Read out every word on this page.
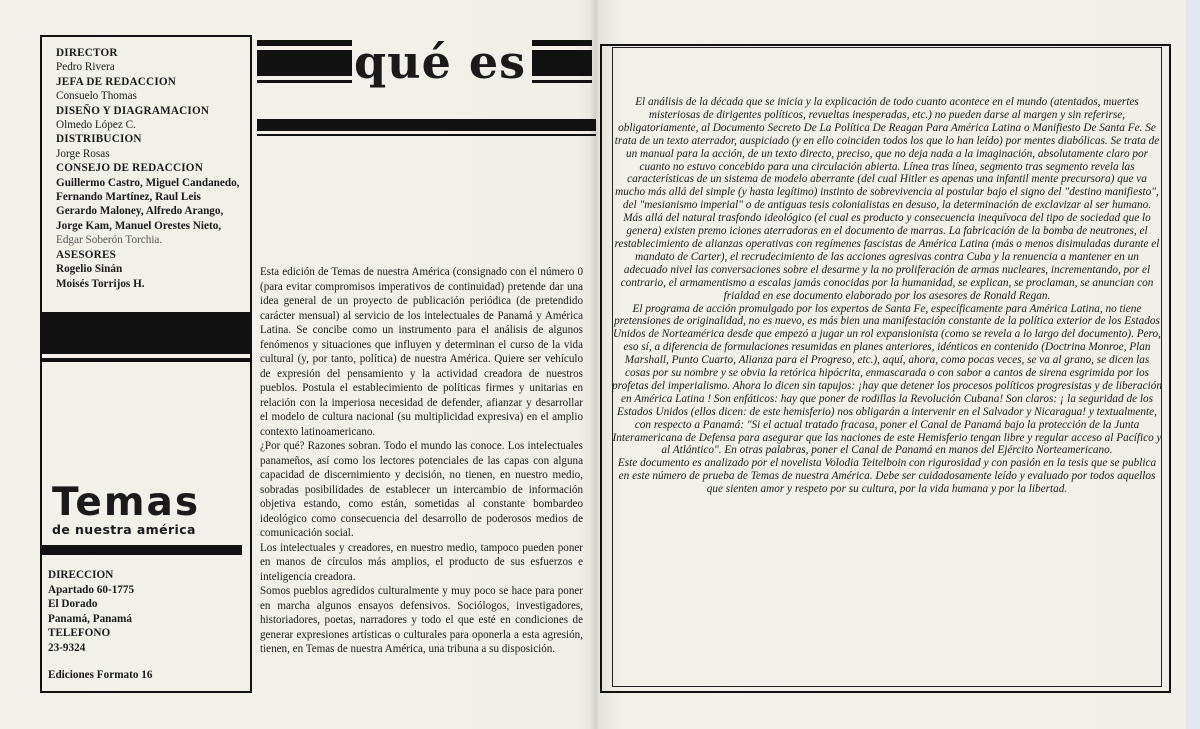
DIRECTOR
Pedro Rivera
JEFA DE REDACCION
Consuelo Thomas
DISEÑO Y DIAGRAMACION
Olmedo López C.
DISTRIBUCION
Jorge Rosas
CONSEJO DE REDACCION
Guillermo Castro, Miguel Candanedo,
Fernando Martínez, Raul Leis
Gerardo Maloney, Alfredo Arango,
Jorge Kam, Manuel Orestes Nieto,
Edgar Soberón Torchia.
ASESORES
Rogelio Sinán
Moisés Torrijos H.
Temas
de nuestra américa
DIRECCION
Apartado 60-1775
El Dorado
Panamá, Panamá
TELEFONO
23-9324
Ediciones Formato 16
qué es

Esta edición de Temas de nuestra América (consignado con el número 0 (para evitar compromisos imperativos de continuidad) pretende dar una idea general de un proyecto de publicación periódica (de pretendido carácter mensual) al servicio de los intelectuales de Panamá y América Latina. Se concibe como un instrumento para el análisis de algunos fenómenos y situaciones que influyen y determinan el curso de la vida cultural (y, por tanto, política) de nuestra América. Quiere ser vehículo de expresión del pensamiento y la actividad creadora de nuestros pueblos. Postula el establecimiento de políticas firmes y unitarias en relación con la imperiosa necesidad de defender, afianzar y desarrollar el modelo de cultura nacional (su multiplicidad expresiva) en el amplio contexto latinoamericano.

¿Por qué? Razones sobran. Todo el mundo las conoce. Los intelectuales panameños, así como los lectores potenciales de las capas con alguna capacidad de discernimiento y decisión, no tienen, en nuestro medio, sobradas posibilidades de establecer un intercambio de información objetiva estando, como están, sometidas al constante bombardeo ideológico como consecuencia del desarrollo de poderosos medios de comunicación social.

Los intelectuales y creadores, en nuestro medio, tampoco pueden poner en manos de círculos más amplios, el producto de sus esfuerzos e inteligencia creadora.

Somos pueblos agredidos culturalmente y muy poco se hace para poner en marcha algunos ensayos defensivos. Sociólogos, investigadores, historiadores, poetas, narradores y todo el que esté en condiciones de generar expresiones artísticas o culturales para oponerla a esta agresión, tienen, en Temas de nuestra América, una tribuna a su disposición.

El análisis de la década que se inicia y la explicación de todo cuanto acontece en el mundo (atentados, muertes misteriosas de dirigentes políticos, revueltas inesperadas, etc.) no pueden darse al margen y sin referirse, obligatoriamente, al Documento Secreto De La Política De Reagan Para América Latina o Manifiesto De Santa Fe. Se trata de un texto aterrador, auspiciado (y en ello coinciden todos los que lo han leído) por mentes diabólicas. Se trata de un manual para la acción, de un texto directo, preciso, que no deja nada a la imaginación, absolutamente claro por cuanto no estuvo concebido para una circulación abierta. Línea tras línea, segmento tras segmento revela las características de un sistema de modelo aberrante (del cual Hitler es apenas una infantil mente precursora) que va mucho más allá del simple (y hasta legítimo) instinto de sobrevivencia al postular bajo el signo del "destino manifiesto", del "mesianismo imperial" o de antiguas tesis colonialistas en desuso, la determinación de exclavizar al ser humano.

Más allá del natural trasfondo ideológico (el cual es producto y consecuencia inequívoca del tipo de sociedad que lo genera) existen premo iciones aterradoras en el documento de marras. La fabricación de la bomba de neutrones, el restablecimiento de alianzas operativas con regímenes fascistas de América Latina (más o menos disimuladas durante el mandato de Carter), el recrudecimiento de las acciones agresivas contra Cuba y la renuencia a mantener en un adecuado nivel las conversaciones sobre el desarme y la no proliferación de armas nucleares, incrementando, por el contrario, el armamentismo a escalas jamás conocidas por la humanidad, se explican, se proclaman, se anuncian con frialdad en ese documento elaborado por los asesores de Ronald Regan.

El programa de acción promulgado por los expertos de Santa Fe, específicamente para América Latina, no tiene pretensiones de originalidad, no es nuevo, es más bien una manifestación constante de la política exterior de los Estados Unidos de Norteamérica desde que empezó a jugar un rol expansionista (como se revela a lo largo del documento). Pero, eso sí, a diferencia de formulaciones resumidas en planes anteriores, idénticos en contenido (Doctrina Monroe, Plan Marshall, Punto Cuarto, Alianza para el Progreso, etc.), aquí, ahora, como pocas veces, se va al grano, se dicen las cosas por su nombre y se obvia la retórica hipócrita, enmascarada o con sabor a cantos de sirena esgrimida por los profetas del imperialismo. Ahora lo dicen sin tapujos: ¡hay que detener los procesos políticos progresistas y de liberación en América Latina ! Son enfáticos: hay que poner de rodillas la Revolución Cubana! Son claros: ¡ la seguridad de los Estados Unidos (ellos dicen: de este hemisferio) nos obligarán a intervenir en el Salvador y Nicaragua! y textualmente, con respecto a Panamá: "Si el actual tratado fracasa, poner el Canal de Panamá bajo la protección de la Junta Interamericana de Defensa para asegurar que las naciones de este Hemisferio tengan libre y regular acceso al Pacífico y al Atlántico". En otras palabras, poner el Canal de Panamá en manos del Ejército Norteamericano.

Este documento es analizado por el novelista Volodia Teitelboin con rigurosidad y con pasión en la tesis que se publica en este número de prueba de Temas de nuestra América. Debe ser cuidadosamente leído y evaluado por todos aquellos que sienten amor y respeto por su cultura, por la vida humana y por la libertad.
